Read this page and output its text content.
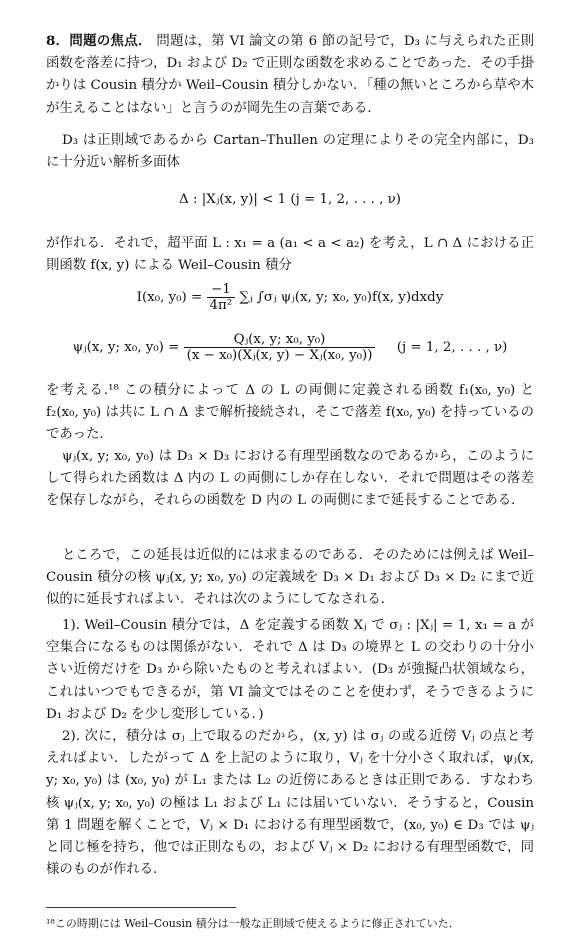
8．問題の焦点． 問題は，第 VI 論文の第 6 節の記号で，D₃ に与えられた正則函数を落差に持つ，D₁ および D₂ で正則な函数を求めることであった．その手掛かりは Cousin 積分か Weil–Cousin 積分しかない．「種の無いところから草や木が生えることはない」と言うのが岡先生の言葉である．
D₃ は正則域であるから Cartan–Thullen の定理によりその完全内部に，D₃ に十分近い解析多面体
Δ : |Xⱼ(x, y)| < 1 (j = 1, 2, . . . , ν)
が作れる．それで，超平面 L : x₁ = a (a₁ < a < a₂) を考え，L ∩ Δ における正則函数 f(x, y) による Weil–Cousin 積分
I(x₀, $y_0) = \frac{-1}{\text{4π²}}$ ∑ⱼ ∫σⱼ ψⱼ(x, y; x₀, y₀)f(x, y)dxdy
ψⱼ(x, y; x₀, $y_0) = \frac{\text{Qⱼ(x, y; x₀, y₀)}}{\text{(x − x₀)(Xⱼ(x, y) − Xⱼ(x₀, y₀))}} (j = 1$, 2, . . . , ν)
を考える.¹⁸ この積分によって Δ の L の両側に定義される函数 f₁(x₀, y₀) と f₂(x₀, y₀) は共に L ∩ Δ まで解析接続され，そこで落差 f(x₀, y₀) を持っているのであった．
ψⱼ(x, y; x₀, y₀) は D₃ × D₃ における有理型函数なのであるから，このようにして得られた函数は Δ 内の L の両側にしか存在しない．それで問題はその落差を保存しながら，それらの函数を D 内の L の両側にまで延長することである．
ところで，この延長は近似的には求まるのである．そのためには例えば Weil–Cousin 積分の核 ψⱼ(x, y; x₀, y₀) の定義域を D₃ × D₁ および D₃ × D₂ にまで近似的に延長すればよい．それは次のようにしてなされる．
1). Weil–Cousin 積分では，Δ を定義する函数 Xⱼ で σⱼ : |Xⱼ| = 1, x₁ = a が空集合になるものは関係がない．それで Δ は D₃ の境界と L の交わりの十分小さい近傍だけを D₃ から除いたものと考えればよい．(D₃ が強擬凸状領域なら，これはいつでもできるが，第 VI 論文ではそのことを使わず，そうできるように D₁ および D₂ を少し変形している．)
2). 次に，積分は σⱼ 上で取るのだから，(x, y) は σⱼ の或る近傍 Vⱼ の点と考えればよい．したがって Δ を上記のように取り，Vⱼ を十分小さく取れば，ψⱼ(x, y; x₀, y₀) は (x₀, y₀) が L₁ または L₂ の近傍にあるときは正則である．すなわち核 ψⱼ(x, y; x₀, y₀) の極は L₁ および L₁ には届いていない．そうすると，Cousin 第 1 問題を解くことで，Vⱼ × D₁ における有理型函数で，(x₀, y₀) ∈ D₃ では ψⱼ と同じ極を持ち，他では正則なもの，および Vⱼ × D₂ における有理型函数で，同様のものが作れる．
¹⁸この時期には Weil–Cousin 積分は一般な正則域で使えるように修正されていた．
